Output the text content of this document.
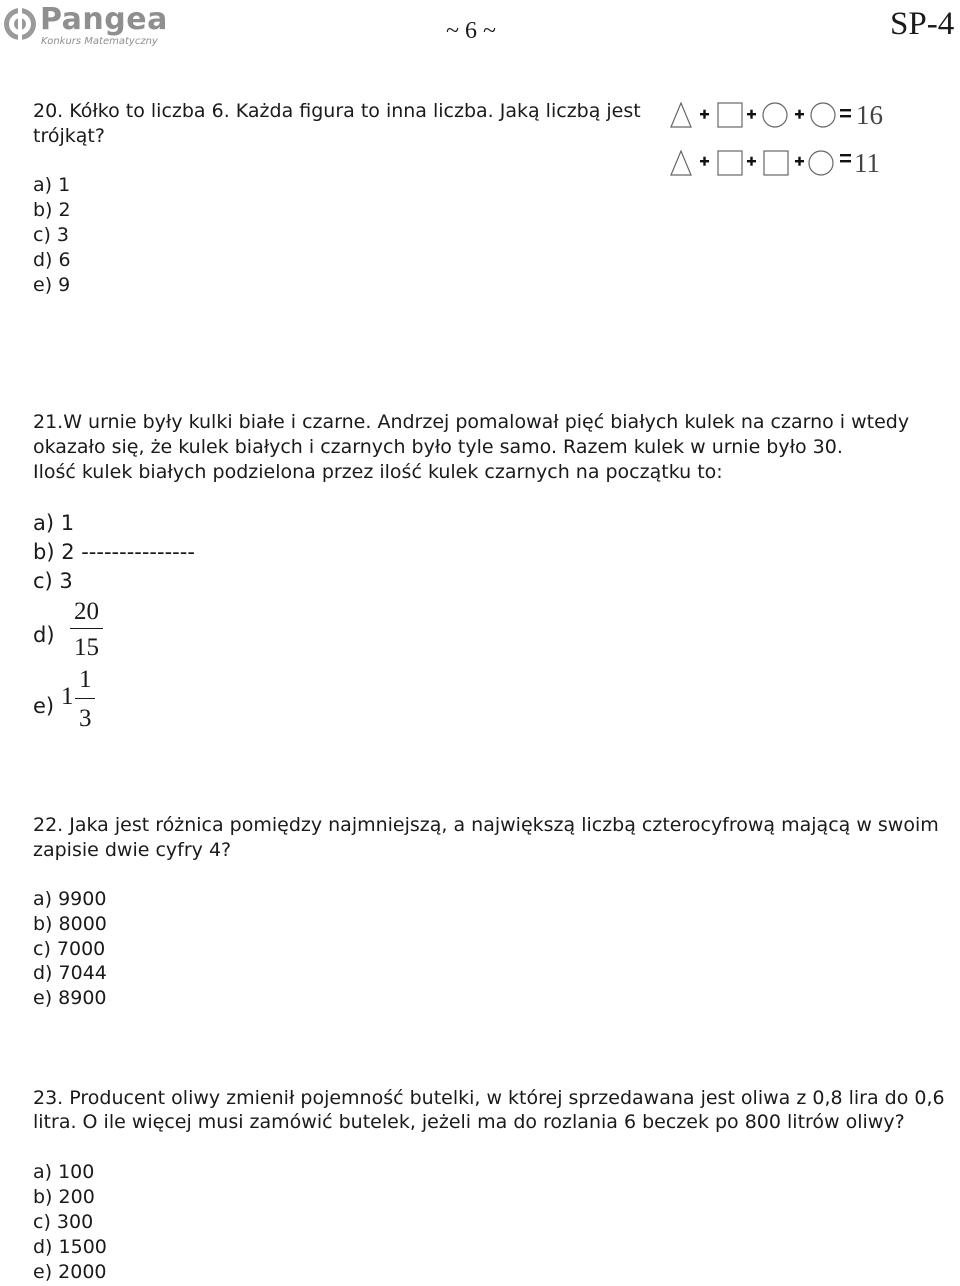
Pangea
Konkurs Matematyczny	~ 6 ~	SP-4
20. Kółko to liczba 6. Każda figura to inna liczba. Jaką liczbą jest
trójkąt?
a) 1
b) 2
c) 3
d) 6
e) 9
16
11
21.W urnie były kulki białe i czarne. Andrzej pomalował pięć białych kulek na czarno i wtedy
okazało się, że kulek białych i czarnych było tyle samo. Razem kulek w urnie było 30.
Ilość kulek białych podzielona przez ilość kulek czarnych na początku to:
a) 1
b) 2 ---------------
c) 3
d)
20
15
e) 1
1
3
22. Jaka jest różnica pomiędzy najmniejszą, a największą liczbą czterocyfrową mającą w swoim
zapisie dwie cyfry 4?
a) 9900
b) 8000
c) 7000
d) 7044
e) 8900
23. Producent oliwy zmienił pojemność butelki, w której sprzedawana jest oliwa z 0,8 lira do 0,6
litra. O ile więcej musi zamówić butelek, jeżeli ma do rozlania 6 beczek po 800 litrów oliwy?
a) 100
b) 200
c) 300
d) 1500
e) 2000
